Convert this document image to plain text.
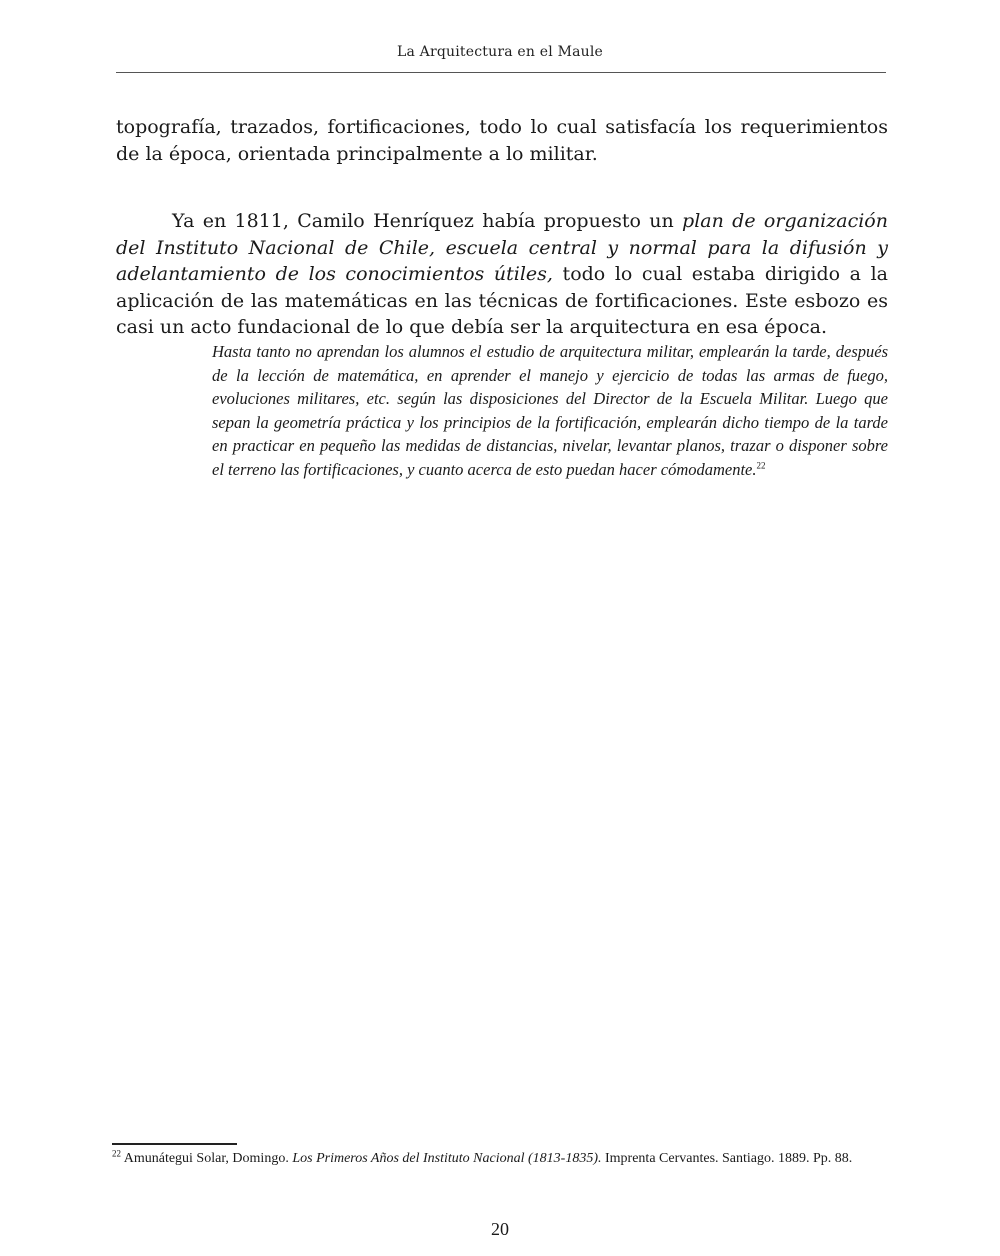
La Arquitectura en el Maule

topografía, trazados, fortificaciones, todo lo cual satisfacía los requerimientos de la época, orientada principalmente a lo militar.

Ya en 1811, Camilo Henríquez había propuesto un plan de organización del Instituto Nacional de Chile, escuela central y normal para la difusión y adelantamiento de los conocimientos útiles, todo lo cual estaba dirigido a la aplicación de las matemáticas en las técnicas de fortificaciones. Este esbozo es casi un acto fundacional de lo que debía ser la arquitectura en esa época.

Hasta tanto no aprendan los alumnos el estudio de arquitectura militar, emplearán la tarde, después de la lección de matemática, en aprender el manejo y ejercicio de todas las armas de fuego, evoluciones militares, etc. según las disposiciones del Director de la Escuela Militar. Luego que sepan la geometría práctica y los principios de la fortificación, emplearán dicho tiempo de la tarde en practicar en pequeño las medidas de distancias, nivelar, levantar planos, trazar o disponer sobre el terreno las fortificaciones, y cuanto acerca de esto puedan hacer cómodamente.$^{22}$

$^{22}$ Amunátegui Solar, Domingo. Los Primeros Años del Instituto Nacional (1813-1835). Imprenta Cervantes. Santiago. 1889. Pp. 88.

20
